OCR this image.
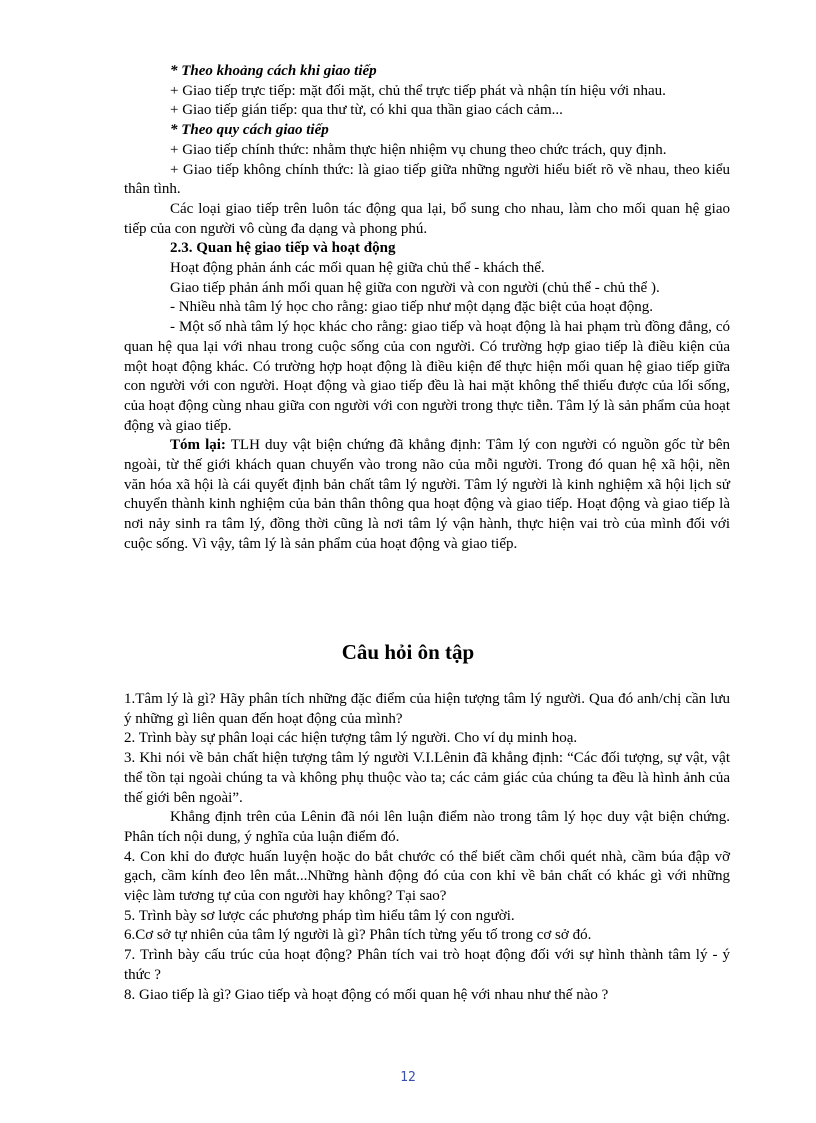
* Theo khoảng cách khi giao tiếp

+ Giao tiếp trực tiếp: mặt đối mặt, chủ thể trực tiếp phát và nhận tín hiệu với nhau.

+ Giao tiếp gián tiếp: qua thư từ, có khi qua thần giao cách cảm...

* Theo quy cách giao tiếp

+ Giao tiếp chính thức: nhằm thực hiện nhiệm vụ chung theo chức trách, quy định.

+ Giao tiếp không chính thức: là giao tiếp giữa những người hiểu biết rõ về nhau, theo kiểu thân tình.

Các loại giao tiếp trên luôn tác động qua lại, bổ sung cho nhau, làm cho mối quan hệ giao tiếp của con người vô cùng đa dạng và phong phú.

2.3. Quan hệ giao tiếp và hoạt động

Hoạt động phản ánh các mối quan hệ giữa chủ thể - khách thể.

Giao tiếp phản ánh mối quan hệ giữa con người và con người (chủ thể - chủ thể ).

- Nhiều nhà tâm lý học cho rằng: giao tiếp như một dạng đặc biệt của hoạt động.

- Một số nhà tâm lý học khác cho rằng: giao tiếp và hoạt động là hai phạm trù đồng đẳng, có quan hệ qua lại với nhau trong cuộc sống của con người. Có trường hợp giao tiếp là điều kiện của một hoạt động khác. Có trường hợp hoạt động là điều kiện để thực hiện mối quan hệ giao tiếp giữa con người với con người. Hoạt động và giao tiếp đều là hai mặt không thể thiếu được của lối sống, của hoạt động cùng nhau giữa con người với con người trong thực tiễn. Tâm lý là sản phẩm của hoạt động và giao tiếp.

Tóm lại: TLH duy vật biện chứng đã khẳng định: Tâm lý con người có nguồn gốc từ bên ngoài, từ thế giới khách quan chuyển vào trong não của mỗi người. Trong đó quan hệ xã hội, nền văn hóa xã hội là cái quyết định bản chất tâm lý người. Tâm lý người là kinh nghiệm xã hội lịch sử chuyển thành kinh nghiệm của bản thân thông qua hoạt động và giao tiếp. Hoạt động và giao tiếp là nơi nảy sinh ra tâm lý, đồng thời cũng là nơi tâm lý vận hành, thực hiện vai trò của mình đối với cuộc sống. Vì vậy, tâm lý là sản phẩm của hoạt động và giao tiếp.

Câu hỏi ôn tập

1.Tâm lý là gì? Hãy phân tích những đặc điểm của hiện tượng tâm lý người. Qua đó anh/chị cần lưu ý những gì liên quan đến hoạt động của mình?

2. Trình bày sự phân loại các hiện tượng tâm lý người. Cho ví dụ minh hoạ.

3. Khi nói về bản chất hiện tượng tâm lý người V.I.Lênin đã khẳng định: “Các đối tượng, sự vật, vật thể tồn tại ngoài chúng ta và không phụ thuộc vào ta; các cảm giác của chúng ta đều là hình ảnh của thế giới bên ngoài”.

Khẳng định trên của Lênin đã nói lên luận điểm nào trong tâm lý học duy vật biện chứng. Phân tích nội dung, ý nghĩa của luận điểm đó.

4. Con khỉ do được huấn luyện hoặc do bắt chước có thể biết cầm chổi quét nhà, cầm búa đập vỡ gạch, cầm kính đeo lên mắt...Những hành động đó của con khỉ về bản chất có khác gì với những việc làm tương tự của con người hay không? Tại sao?

5. Trình bày sơ lược các phương pháp tìm hiểu tâm lý con người.

6.Cơ sở tự nhiên của tâm lý người là gì? Phân tích từng yếu tố trong cơ sở đó.

7. Trình bày cấu trúc của hoạt động? Phân tích vai trò hoạt động đối với sự hình thành tâm lý - ý thức ?

8. Giao tiếp là gì? Giao tiếp và hoạt động có mối quan hệ với nhau như thế nào ?

12
